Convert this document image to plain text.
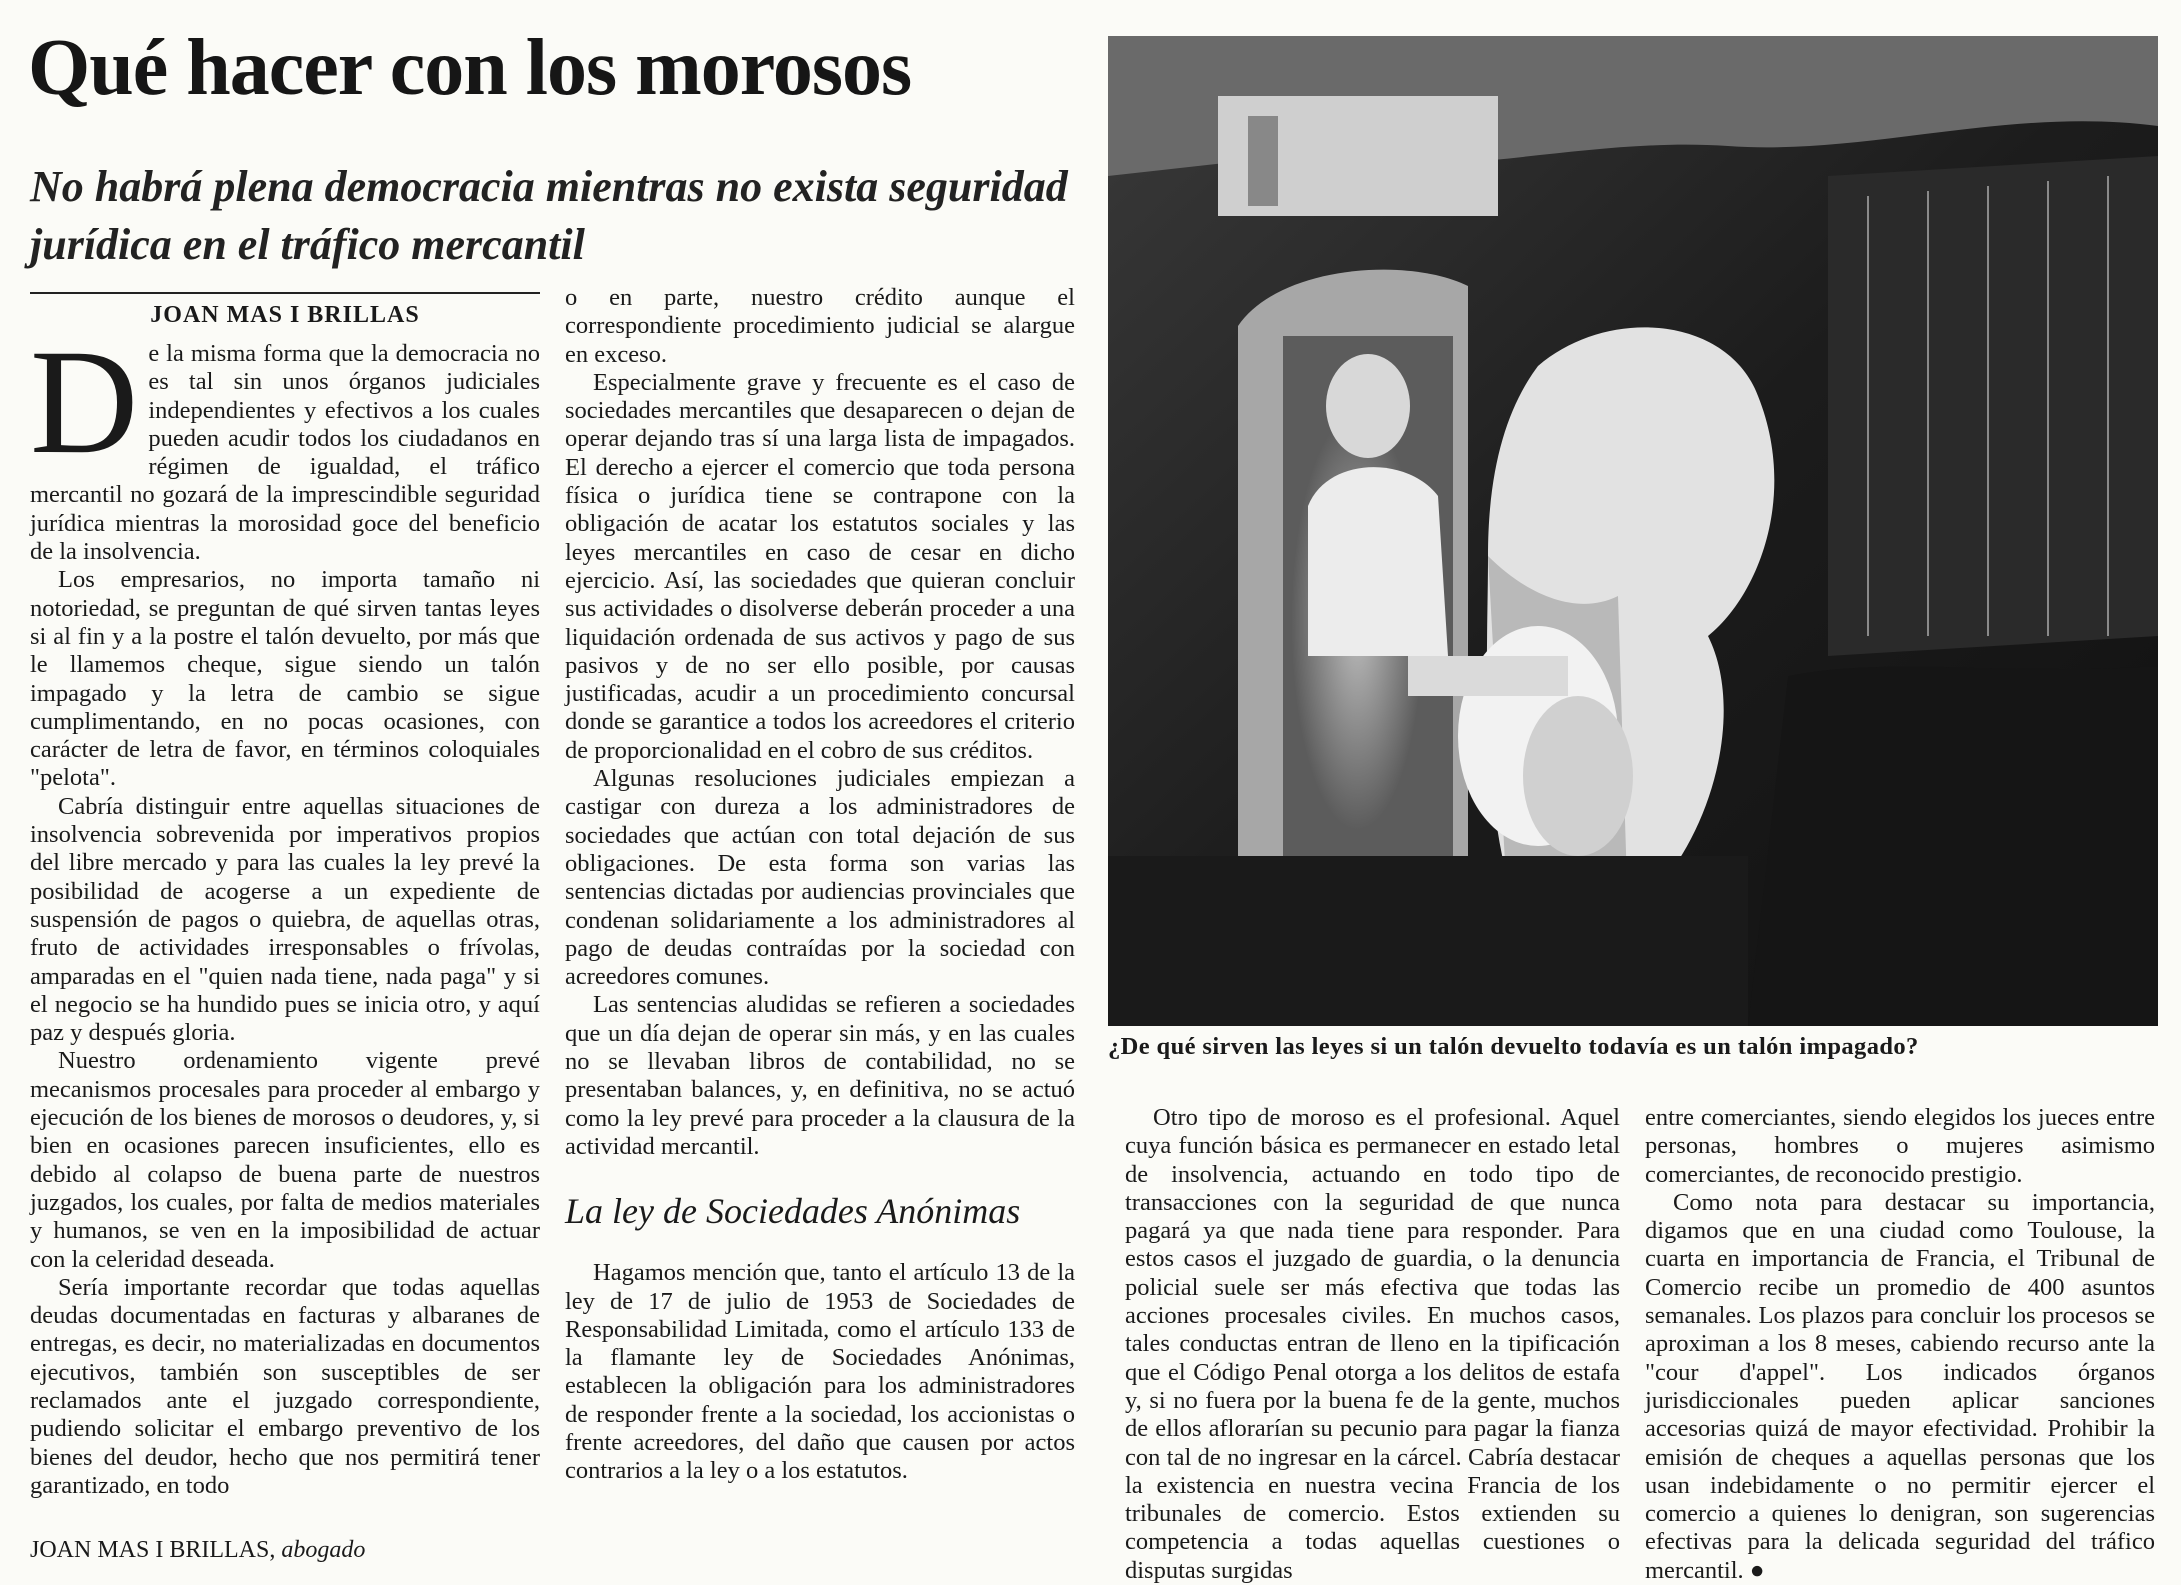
Qué hacer con los morosos
No habrá plena democracia mientras no exista seguridad jurídica en el tráfico mercantil
JOAN MAS I BRILLAS

De la misma forma que la democracia no es tal sin unos órganos judiciales independientes y efectivos a los cuales pueden acudir todos los ciudadanos en régimen de igualdad, el tráfico mercantil no gozará de la imprescindible seguridad jurídica mientras la morosidad goce del beneficio de la insolvencia.

Los empresarios, no importa tamaño ni notoriedad, se preguntan de qué sirven tantas leyes si al fin y a la postre el talón devuelto, por más que le llamemos cheque, sigue siendo un talón impagado y la letra de cambio se sigue cumplimentando, en no pocas ocasiones, con carácter de letra de favor, en términos coloquiales "pelota".

Cabría distinguir entre aquellas situaciones de insolvencia sobrevenida por imperativos propios del libre mercado y para las cuales la ley prevé la posibilidad de acogerse a un expediente de suspensión de pagos o quiebra, de aquellas otras, fruto de actividades irresponsables o frívolas, amparadas en el "quien nada tiene, nada paga" y si el negocio se ha hundido pues se inicia otro, y aquí paz y después gloria.

Nuestro ordenamiento vigente prevé mecanismos procesales para proceder al embargo y ejecución de los bienes de morosos o deudores, y, si bien en ocasiones parecen insuficientes, ello es debido al colapso de buena parte de nuestros juzgados, los cuales, por falta de medios materiales y humanos, se ven en la imposibilidad de actuar con la celeridad deseada.

Sería importante recordar que todas aquellas deudas documentadas en facturas y albaranes de entregas, es decir, no materializadas en documentos ejecutivos, también son susceptibles de ser reclamados ante el juzgado correspondiente, pudiendo solicitar el embargo preventivo de los bienes del deudor, hecho que nos permitirá tener garantizado, en todo

JOAN MAS I BRILLAS, abogado

o en parte, nuestro crédito aunque el correspondiente procedimiento judicial se alargue en exceso.

Especialmente grave y frecuente es el caso de sociedades mercantiles que desaparecen o dejan de operar dejando tras sí una larga lista de impagados. El derecho a ejercer el comercio que toda persona física o jurídica tiene se contrapone con la obligación de acatar los estatutos sociales y las leyes mercantiles en caso de cesar en dicho ejercicio. Así, las sociedades que quieran concluir sus actividades o disolverse deberán proceder a una liquidación ordenada de sus activos y pago de sus pasivos y de no ser ello posible, por causas justificadas, acudir a un procedimiento concursal donde se garantice a todos los acreedores el criterio de proporcionalidad en el cobro de sus créditos.

Algunas resoluciones judiciales empiezan a castigar con dureza a los administradores de sociedades que actúan con total dejación de sus obligaciones. De esta forma son varias las sentencias dictadas por audiencias provinciales que condenan solidariamente a los administradores al pago de deudas contraídas por la sociedad con acreedores comunes.

Las sentencias aludidas se refieren a sociedades que un día dejan de operar sin más, y en las cuales no se llevaban libros de contabilidad, no se presentaban balances, y, en definitiva, no se actuó como la ley prevé para proceder a la clausura de la actividad mercantil.

La ley de Sociedades Anónimas

Hagamos mención que, tanto el artículo 13 de la ley de 17 de julio de 1953 de Sociedades de Responsabilidad Limitada, como el artículo 133 de la flamante ley de Sociedades Anónimas, establecen la obligación para los administradores de responder frente a la sociedad, los accionistas o frente acreedores, del daño que causen por actos contrarios a la ley o a los estatutos.

¿De qué sirven las leyes si un talón devuelto todavía es un talón impagado?

Otro tipo de moroso es el profesional. Aquel cuya función básica es permanecer en estado letal de insolvencia, actuando en todo tipo de transacciones con la seguridad de que nunca pagará ya que nada tiene para responder. Para estos casos el juzgado de guardia, o la denuncia policial suele ser más efectiva que todas las acciones procesales civiles. En muchos casos, tales conductas entran de lleno en la tipificación que el Código Penal otorga a los delitos de estafa y, si no fuera por la buena fe de la gente, muchos de ellos aflorarían su pecunio para pagar la fianza con tal de no ingresar en la cárcel. Cabría destacar la existencia en nuestra vecina Francia de los tribunales de comercio. Estos extienden su competencia a todas aquellas cuestiones o disputas surgidas

entre comerciantes, siendo elegidos los jueces entre personas, hombres o mujeres asimismo comerciantes, de reconocido prestigio.

Como nota para destacar su importancia, digamos que en una ciudad como Toulouse, la cuarta en importancia de Francia, el Tribunal de Comercio recibe un promedio de 400 asuntos semanales. Los plazos para concluir los procesos se aproximan a los 8 meses, cabiendo recurso ante la "cour d'appel". Los indicados órganos jurisdiccionales pueden aplicar sanciones accesorias quizá de mayor efectividad. Prohibir la emisión de cheques a aquellas personas que los usan indebidamente o no permitir ejercer el comercio a quienes lo denigran, son sugerencias efectivas para la delicada seguridad del tráfico mercantil. ●
